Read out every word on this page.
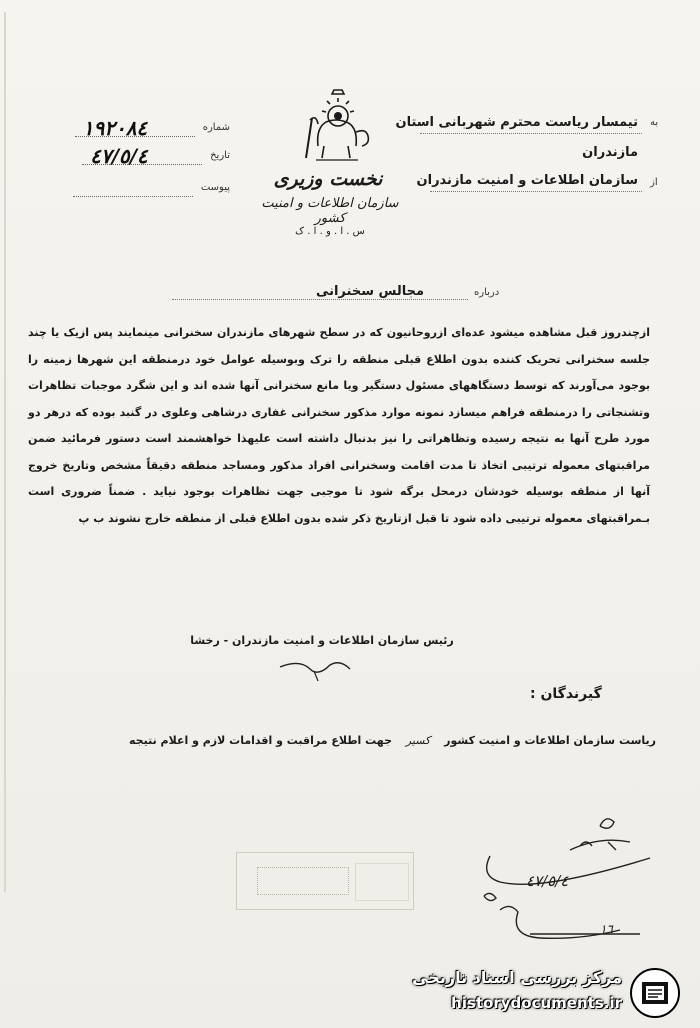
نخست وزیری
سازمان اطلاعات و امنیت کشور
س . ا . و . ا . ک
شماره
١٩٢٠٨٤
تاریخ
٤٧/٥/٤
پیوست
به
تیمسار ریاست محترم شهربانی استان
مازندران
از
سازمان اطلاعات و امنیت مازندران
درباره
مجالس سخنرانی

ازچندروز قبل مشاهده میشود عده‌ای ازروحانیون که در سطح شهرهای مازندران سخنرانی مینمایند پس ازیک یا چند جلسه سخنرانی تحریک کننده بدون اطلاع قبلی منطقه را ترک وبوسیله عوامل خود درمنطقه این شهرها زمینه را بوجود می‌آورند که توسط دستگاههای مسئول دستگیر ویا مانع سخنرانی آنها شده اند و این شگرد موجبات تظاهرات وتشنجاتی را درمنطقه فراهم میسازد نمونه موارد مذکور سخنرانی غفاری درشاهی وعلوی در گنبد بوده که درهر دو مورد طرح آنها به نتیجه رسیده وتظاهراتی را نیز بدنبال داشته است علیهذا خواهشمند است دستور فرمائید ضمن مراقبتهای معموله ترتیبی اتخاذ تا مدت اقامت وسخنرانی افراد مذکور ومساجد منطقه دقیقاً مشخص وتاریخ خروج آنها از منطقه بوسیله خودشان درمحل برگه شود تا موجبی جهت تظاهرات بوجود نیاید . ضمناً ضروری است بـمراقبتهای معموله ترتیبی داده شود تا قبل ازتاریخ ذکر شده بدون اطلاع قبلی از منطقه خارج نشوند ب پ

رئیس سازمان اطلاعات و امنیت مازندران - رخشا
گیرندگان :
ریاست سازمان اطلاعات و امنیت کشور کسیر جهت اطلاع مراقبت و اقدامات لازم و اعلام نتیجه
٤٧/٥/٤
١٦
مرکز بررسی اسناد تاریخی
historydocuments.ir
